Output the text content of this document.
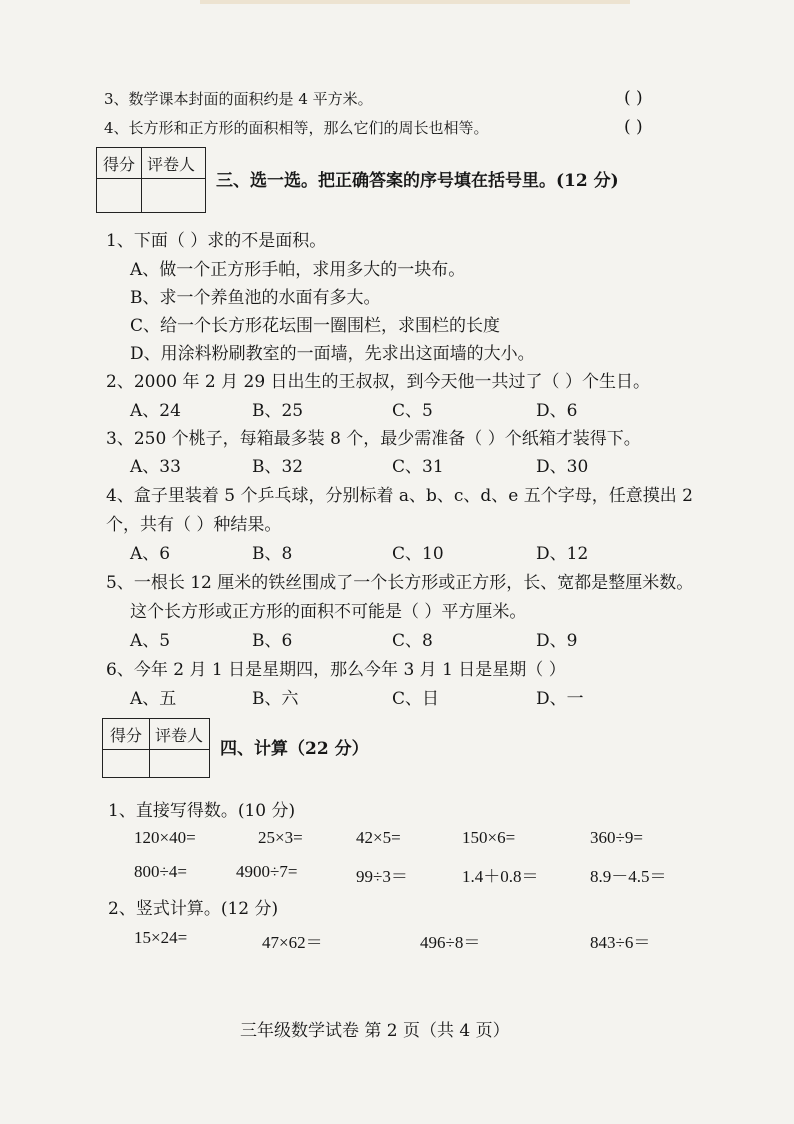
3、数学课本封面的面积约是 4 平方米。	( )
4、长方形和正方形的面积相等，那么它们的周长也相等。	( )
得分 评卷人
三、选一选。把正确答案的序号填在括号里。(12 分)
1、下面（ ）求的不是面积。
A、做一个正方形手帕，求用多大的一块布。
B、求一个养鱼池的水面有多大。
C、给一个长方形花坛围一圈围栏，求围栏的长度
D、用涂料粉刷教室的一面墙，先求出这面墙的大小。
2、2000 年 2 月 29 日出生的王叔叔，到今天他一共过了（ ）个生日。
A、24	B、25	C、5	D、6
3、250 个桃子，每箱最多装 8 个，最少需准备（ ）个纸箱才装得下。
A、33	B、32	C、31	D、30
4、盒子里装着 5 个乒乓球，分别标着 a、b、c、d、e 五个字母，任意摸出 2
个，共有（ ）种结果。
A、6	B、8	C、10	D、12
5、一根长 12 厘米的铁丝围成了一个长方形或正方形，长、宽都是整厘米数。
这个长方形或正方形的面积不可能是（ ）平方厘米。
A、5	B、6	C、8	D、9
6、今年 2 月 1 日是星期四，那么今年 3 月 1 日是星期（ ）
A、五	B、六	C、日	D、一
得分 评卷人
四、计算（22 分）
1、直接写得数。(10 分)
120×40=	25×3=	42×5=	150×6=	360÷9=
800÷4=	4900÷7=	99÷3＝	1.4＋0.8＝	8.9－4.5＝
2、竖式计算。(12 分)
15×24=	47×62＝	496÷8＝	843÷6＝
三年级数学试卷 第 2 页（共 4 页）
